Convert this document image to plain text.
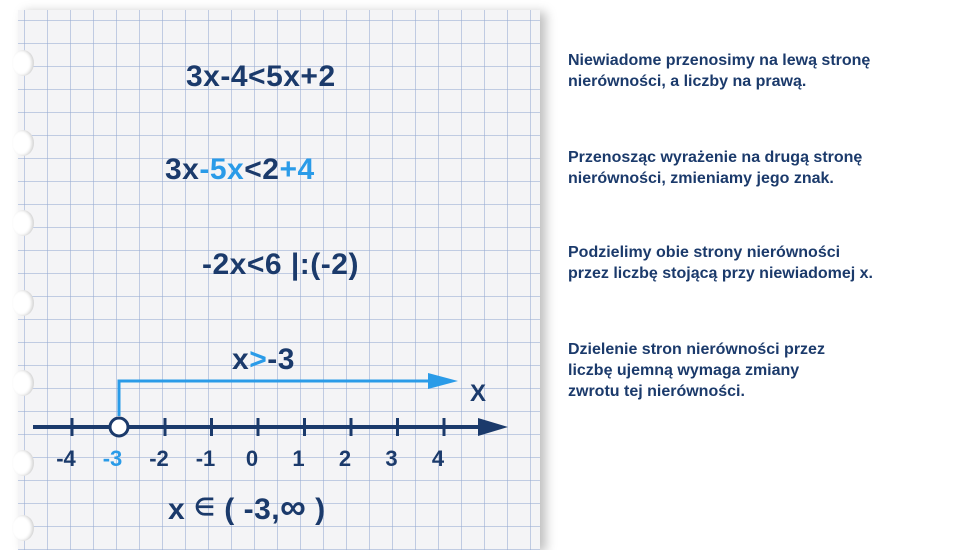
3x-4<5x+2
3x-5x<2+4
-2x<6 |:(-2)
x>-3
x ∈ ( -3,∞ )
-4 -3 -2 -1 0 1 2 3 4
X
Niewiadome przenosimy na lewą stronę
nierówności, a liczby na prawą.
Przenosząc wyrażenie na drugą stronę
nierówności, zmieniamy jego znak.
Podzielimy obie strony nierówności
przez liczbę stojącą przy niewiadomej x.
Dzielenie stron nierówności przez
liczbę ujemną wymaga zmiany
zwrotu tej nierówności.
